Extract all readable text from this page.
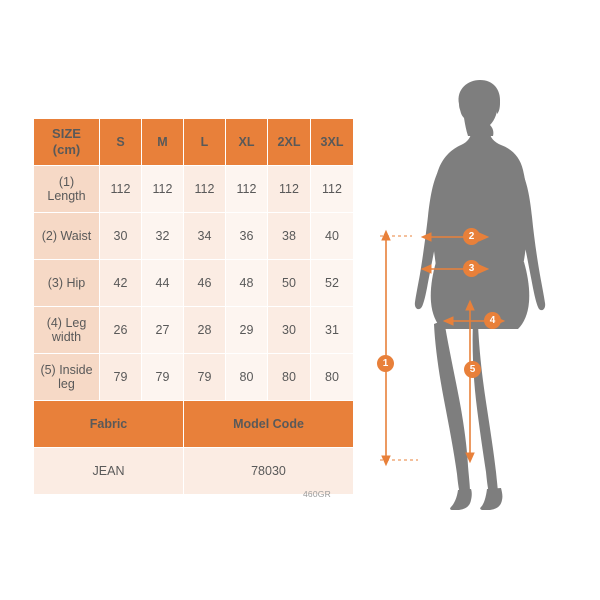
SIZE
(cm)	S	M	L	XL	2XL	3XL
(1)
Length	112	112	112	112	112	112
(2) Waist	30	32	34	36	38	40
(3) Hip	42	44	46	48	50	52
(4) Leg
width	26	27	28	29	30	31
(5) Inside
leg	79	79	79	80	80	80
Fabric			Model Code			
JEAN			78030			
460GR
1
2
3
4
5
